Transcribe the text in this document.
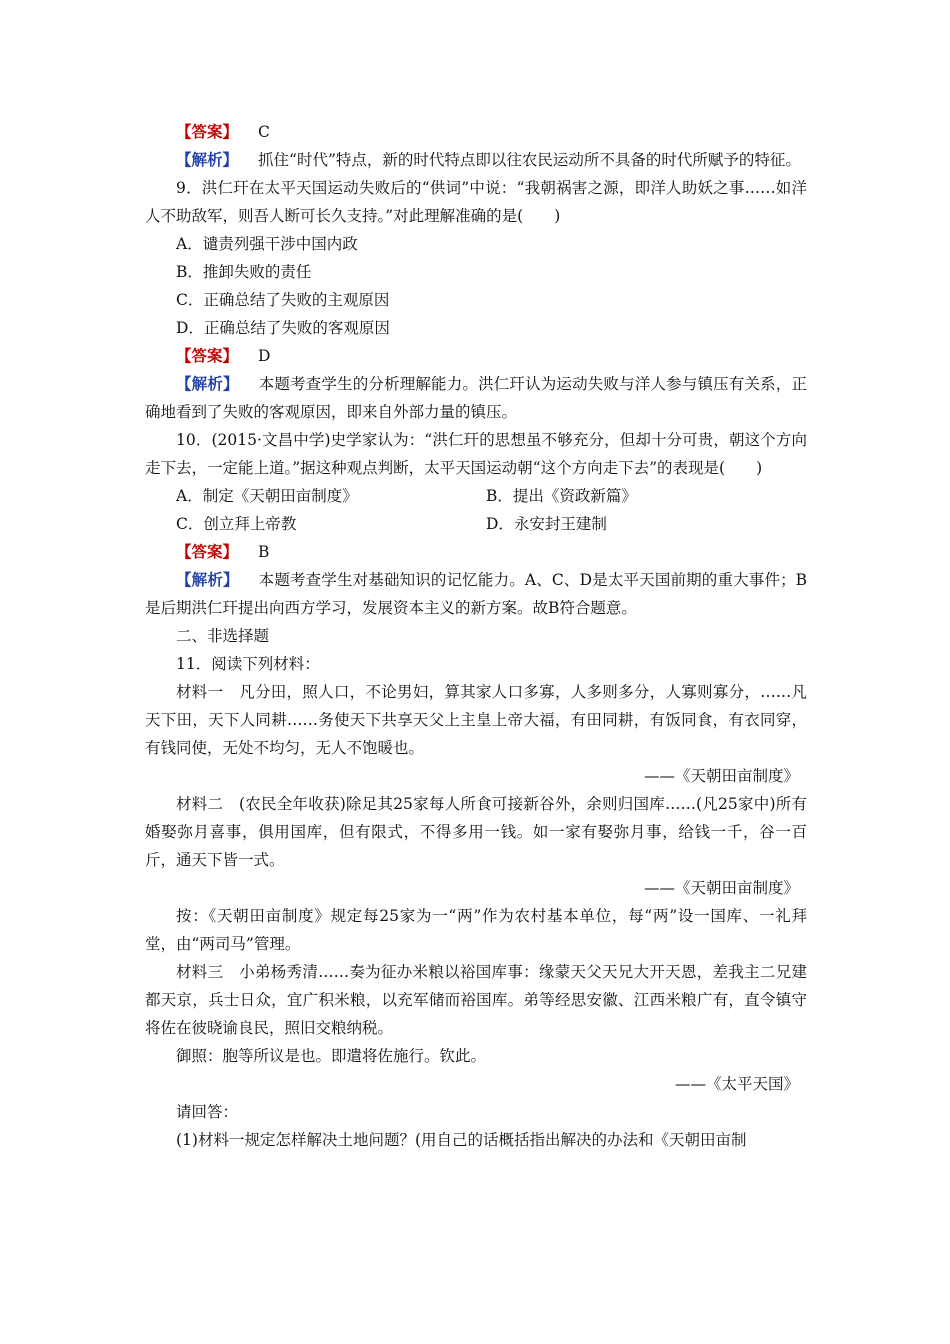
【答案】 C
【解析】 抓住“时代”特点，新的时代特点即以往农民运动所不具备的时代所赋予的特征。
9．洪仁玕在太平天国运动失败后的“供词”中说：“我朝祸害之源，即洋人助妖之事……如洋人不助敌军，则吾人断可长久支持。”对此理解准确的是(　　)
A．谴责列强干涉中国内政
B．推卸失败的责任
C．正确总结了失败的主观原因
D．正确总结了失败的客观原因
【答案】 D
【解析】 本题考查学生的分析理解能力。洪仁玕认为运动失败与洋人参与镇压有关系，正确地看到了失败的客观原因，即来自外部力量的镇压。
10．(2015·文昌中学)史学家认为：“洪仁玕的思想虽不够充分，但却十分可贵，朝这个方向走下去，一定能上道。”据这种观点判断，太平天国运动朝“这个方向走下去”的表现是(　　)
A．制定《天朝田亩制度》	B．提出《资政新篇》
C．创立拜上帝教	D．永安封王建制
【答案】 B
【解析】 本题考查学生对基础知识的记忆能力。A、C、D是太平天国前期的重大事件；B是后期洪仁玕提出向西方学习，发展资本主义的新方案。故B符合题意。
二、非选择题
11．阅读下列材料：
材料一　凡分田，照人口，不论男妇，算其家人口多寡，人多则多分，人寡则寡分，……凡天下田，天下人同耕……务使天下共享天父上主皇上帝大福，有田同耕，有饭同食，有衣同穿，有钱同使，无处不均匀，无人不饱暖也。
——《天朝田亩制度》
材料二　(农民全年收获)除足其25家每人所食可接新谷外，余则归国库……(凡25家中)所有婚娶弥月喜事，俱用国库，但有限式，不得多用一钱。如一家有娶弥月事，给钱一千，谷一百斤，通天下皆一式。
——《天朝田亩制度》
按：《天朝田亩制度》规定每25家为一“两”作为农村基本单位，每“两”设一国库、一礼拜堂，由“两司马”管理。
材料三　小弟杨秀清……奏为征办米粮以裕国库事：缘蒙天父天兄大开天恩，差我主二兄建都天京，兵士日众，宜广积米粮，以充军储而裕国库。弟等经思安徽、江西米粮广有，直令镇守将佐在彼晓谕良民，照旧交粮纳税。
御照：胞等所议是也。即遣将佐施行。钦此。
——《太平天国》
请回答：
(1)材料一规定怎样解决土地问题？(用自己的话概括指出解决的办法和《天朝田亩制
